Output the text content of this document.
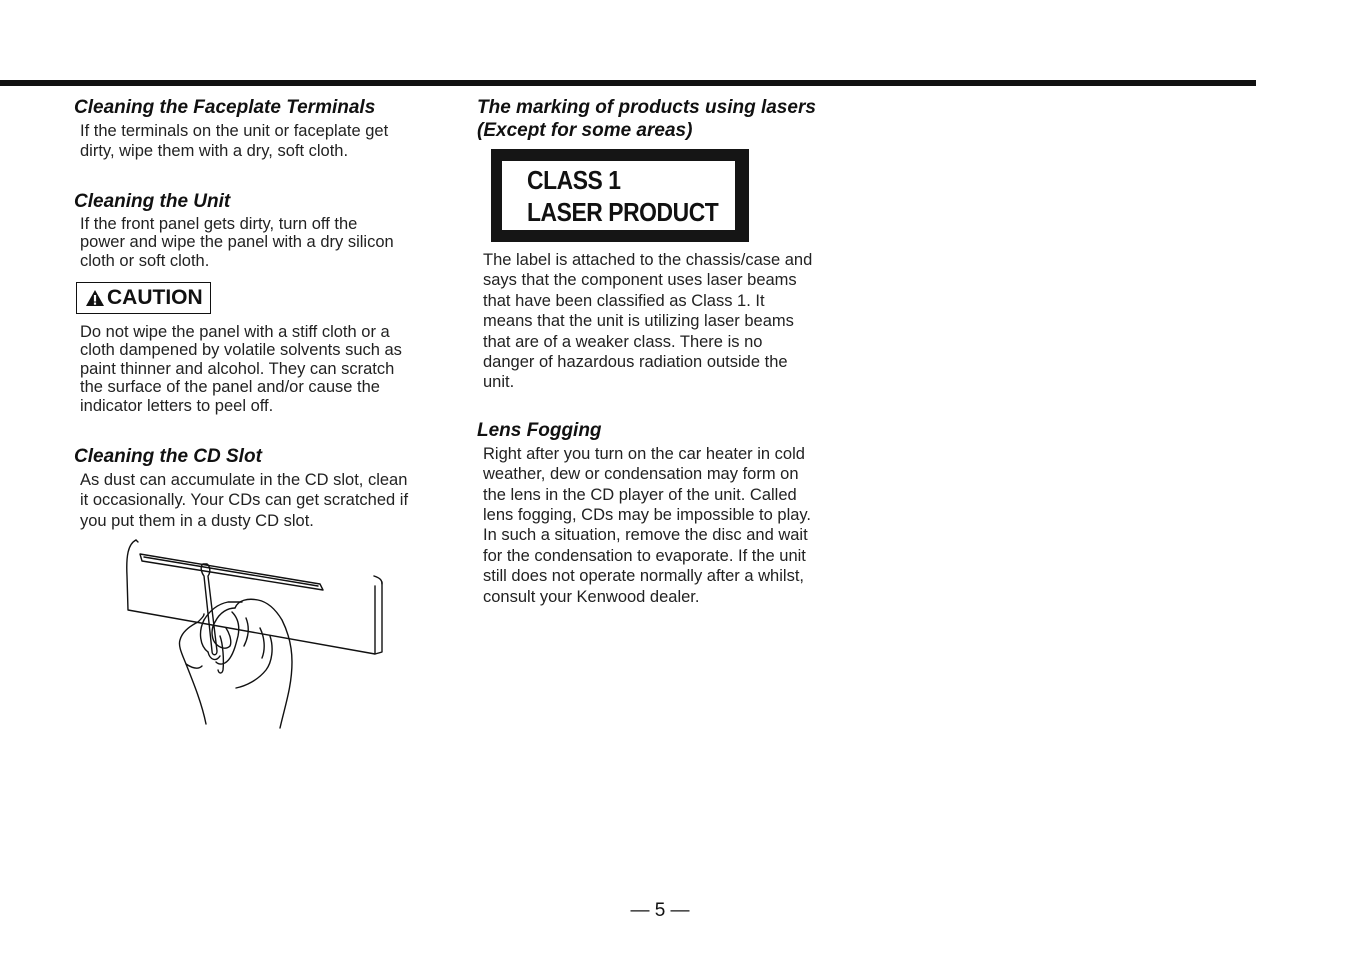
Cleaning the Faceplate Terminals

If the terminals on the unit or faceplate get
dirty, wipe them with a dry, soft cloth.

Cleaning the Unit

If the front panel gets dirty, turn off the
power and wipe the panel with a dry silicon
cloth or soft cloth.
CAUTION
Do not wipe the panel with a stiff cloth or a
cloth dampened by volatile solvents such as
paint thinner and alcohol. They can scratch
the surface of the panel and/or cause the
indicator letters to peel off.

Cleaning the CD Slot

As dust can accumulate in the CD slot, clean
it occasionally. Your CDs can get scratched if
you put them in a dusty CD slot.

The marking of products using lasers

(Except for some areas)

CLASS 1
LASER PRODUCT
The label is attached to the chassis/case and
says that the component uses laser beams
that have been classified as Class 1. It
means that the unit is utilizing laser beams
that are of a weaker class. There is no
danger of hazardous radiation outside the
unit.

Lens Fogging

Right after you turn on the car heater in cold
weather, dew or condensation may form on
the lens in the CD player of the unit. Called
lens fogging, CDs may be impossible to play.
In such a situation, remove the disc and wait
for the condensation to evaporate. If the unit
still does not operate normally after a whilst,
consult your Kenwood dealer.
— 5 —
